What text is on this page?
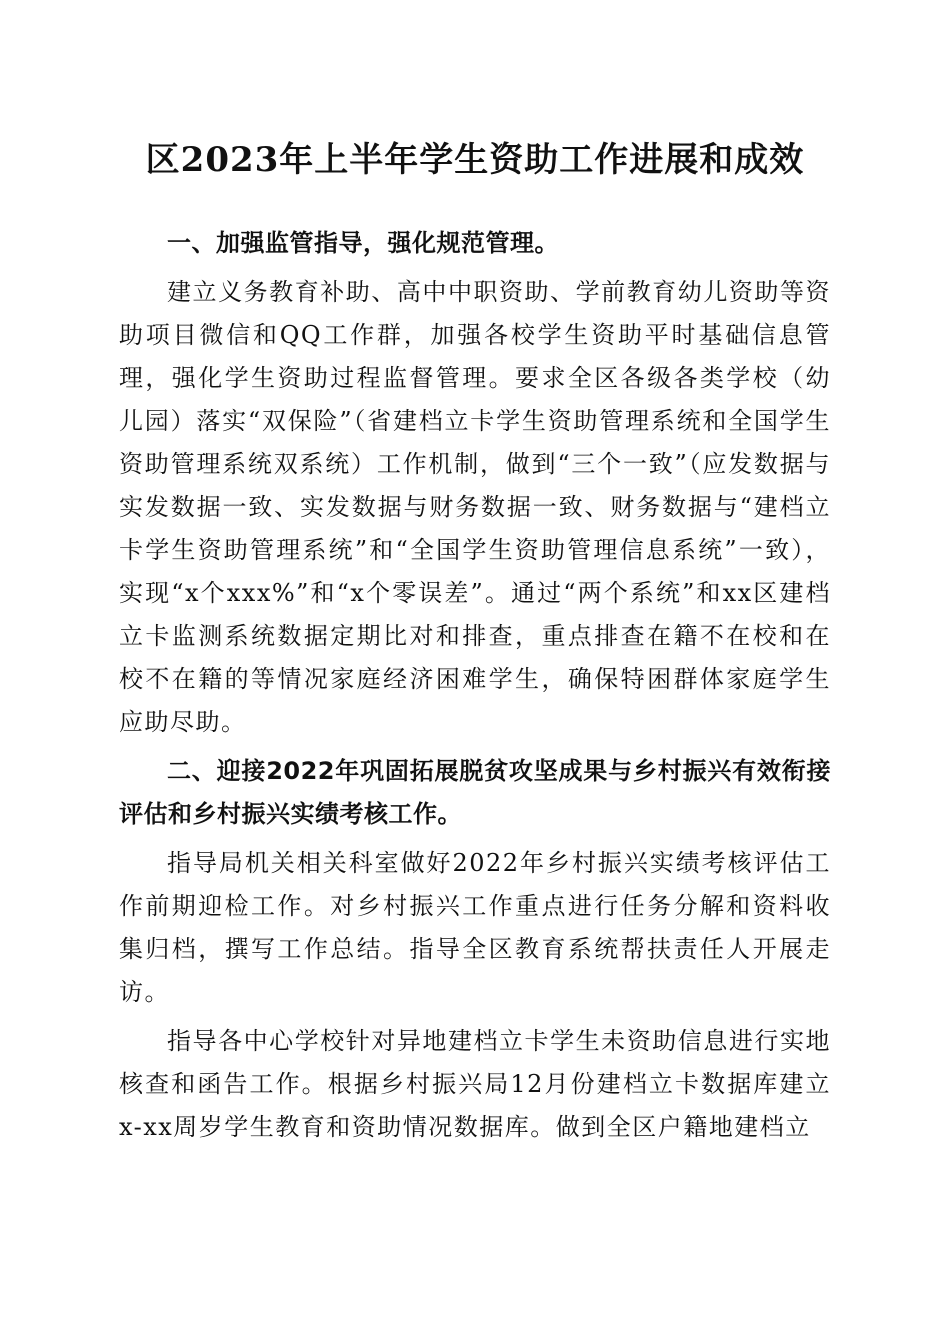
区2023年上半年学生资助工作进展和成效

一、加强监管指导，强化规范管理。

建立义务教育补助、高中中职资助、学前教育幼儿资助等资助项目微信和QQ工作群，加强各校学生资助平时基础信息管理，强化学生资助过程监督管理。要求全区各级各类学校（幼儿园）落实“双保险”（省建档立卡学生资助管理系统和全国学生资助管理系统双系统）工作机制，做到“三个一致”（应发数据与实发数据一致、实发数据与财务数据一致、财务数据与“建档立卡学生资助管理系统”和“全国学生资助管理信息系统”一致），实现“x个xxx%”和“x个零误差”。通过“两个系统”和xx区建档立卡监测系统数据定期比对和排查，重点排查在籍不在校和在校不在籍的等情况家庭经济困难学生，确保特困群体家庭学生应助尽助。

二、迎接2022年巩固拓展脱贫攻坚成果与乡村振兴有效衔接评估和乡村振兴实绩考核工作。

指导局机关相关科室做好2022年乡村振兴实绩考核评估工作前期迎检工作。对乡村振兴工作重点进行任务分解和资料收集归档，撰写工作总结。指导全区教育系统帮扶责任人开展走访。

指导各中心学校针对异地建档立卡学生未资助信息进行实地核查和函告工作。根据乡村振兴局12月份建档立卡数据库建立x-xx周岁学生教育和资助情况数据库。做到全区户籍地建档立
